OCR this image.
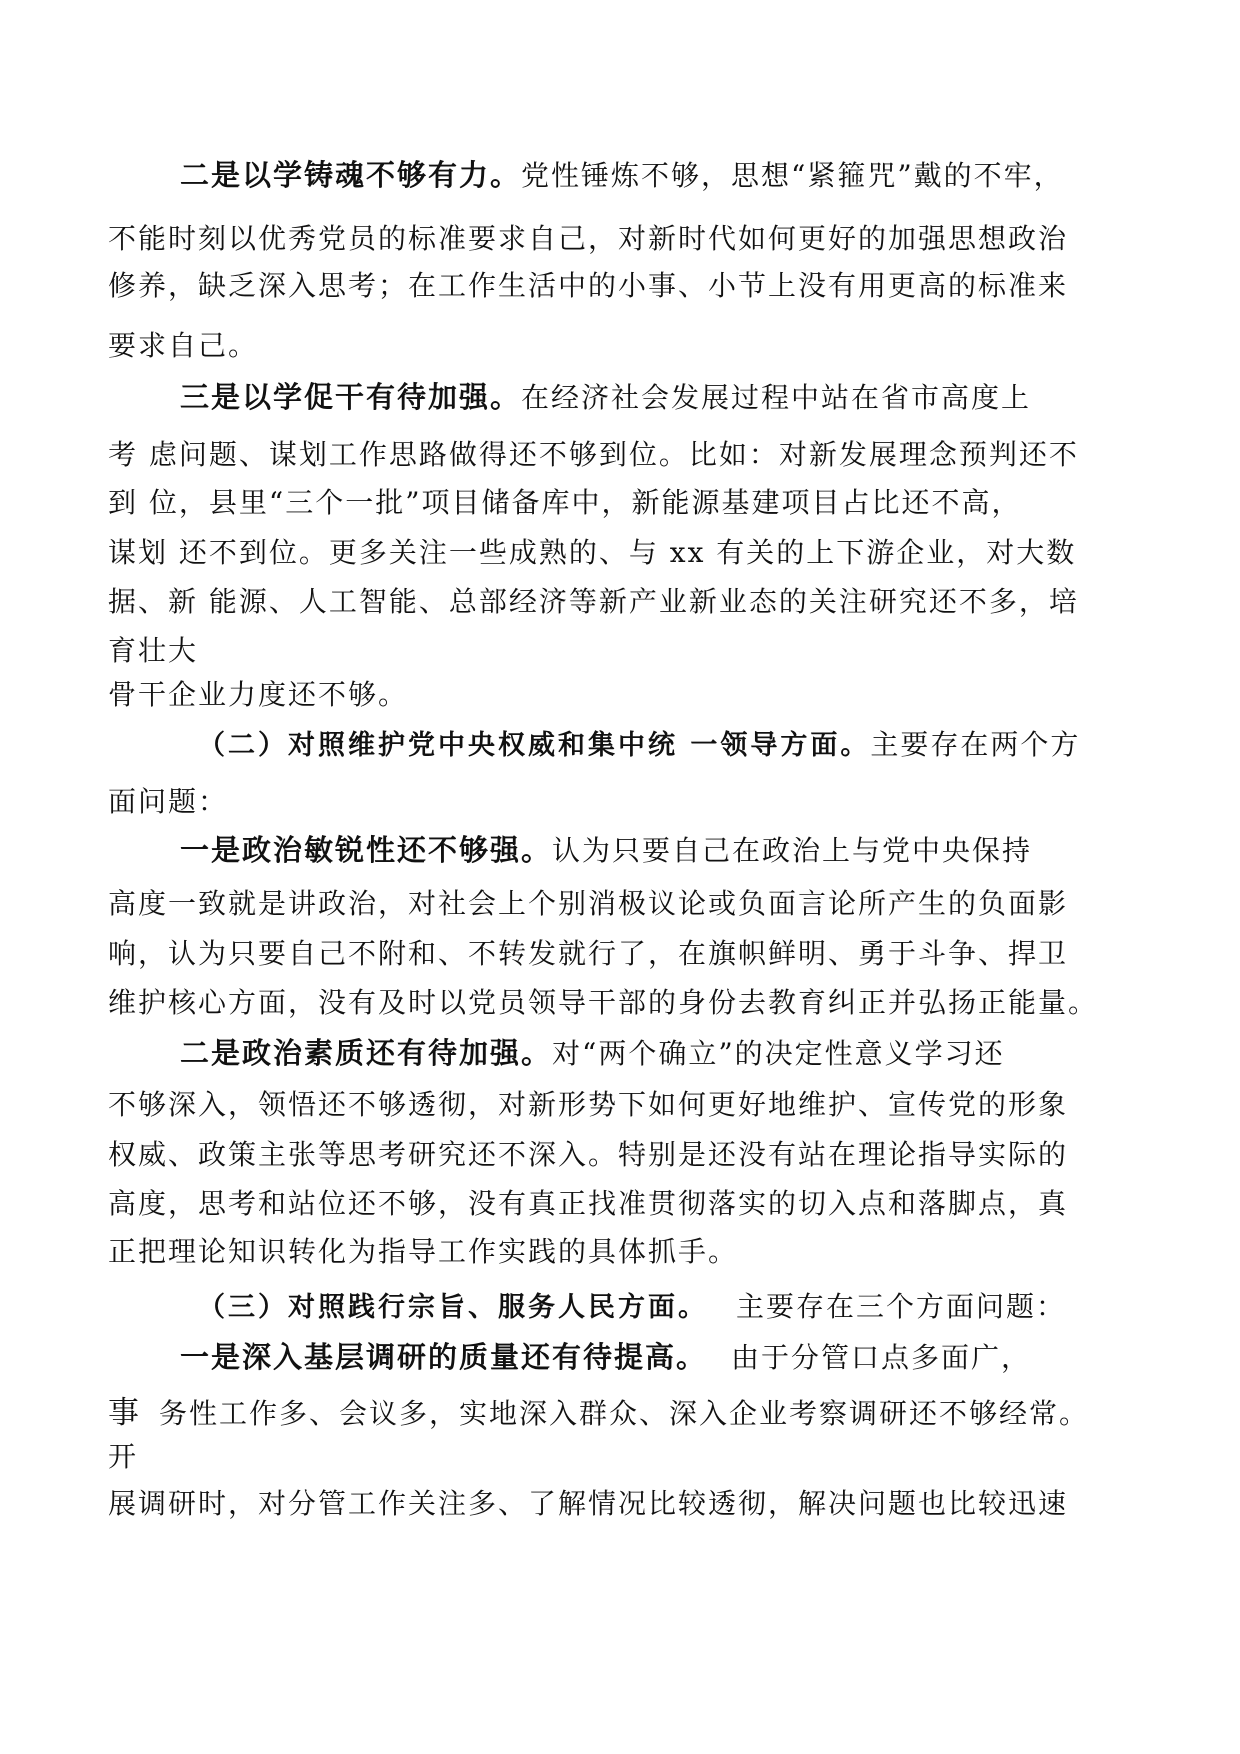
二是以学铸魂不够有力。党性锤炼不够，思想“紧箍咒”戴的不牢，
不能时刻以优秀党员的标准要求自己，对新时代如何更好的加强思想政治
修养，缺乏深入思考；在工作生活中的小事、小节上没有用更高的标准来
要求自己。
三是以学促干有待加强。在经济社会发展过程中站在省市高度上
考 虑问题、谋划工作思路做得还不够到位。比如：对新发展理念预判还不
到 位，县里“三个一批”项目储备库中，新能源基建项目占比还不高，
谋划 还不到位。更多关注一些成熟的、与 xx 有关的上下游企业，对大数
据、新 能源、人工智能、总部经济等新产业新业态的关注研究还不多，培
育壮大
骨干企业力度还不够。
（二）对照维护党中央权威和集中统 一领导方面。主要存在两个方
面问题：
一是政治敏锐性还不够强。认为只要自己在政治上与党中央保持
高度一致就是讲政治，对社会上个别消极议论或负面言论所产生的负面影
响，认为只要自己不附和、不转发就行了，在旗帜鲜明、勇于斗争、捍卫
维护核心方面，没有及时以党员领导干部的身份去教育纠正并弘扬正能量。
二是政治素质还有待加强。对“两个确立”的决定性意义学习还
不够深入，领悟还不够透彻，对新形势下如何更好地维护、宣传党的形象
权威、政策主张等思考研究还不深入。特别是还没有站在理论指导实际的
高度，思考和站位还不够，没有真正找准贯彻落实的切入点和落脚点，真
正把理论知识转化为指导工作实践的具体抓手。
（三）对照践行宗旨、服务人民方面。 主要存在三个方面问题：
一是深入基层调研的质量还有待提高。 由于分管口点多面广，
事 务性工作多、会议多，实地深入群众、深入企业考察调研还不够经常。
开
展调研时，对分管工作关注多、了解情况比较透彻，解决问题也比较迅速
